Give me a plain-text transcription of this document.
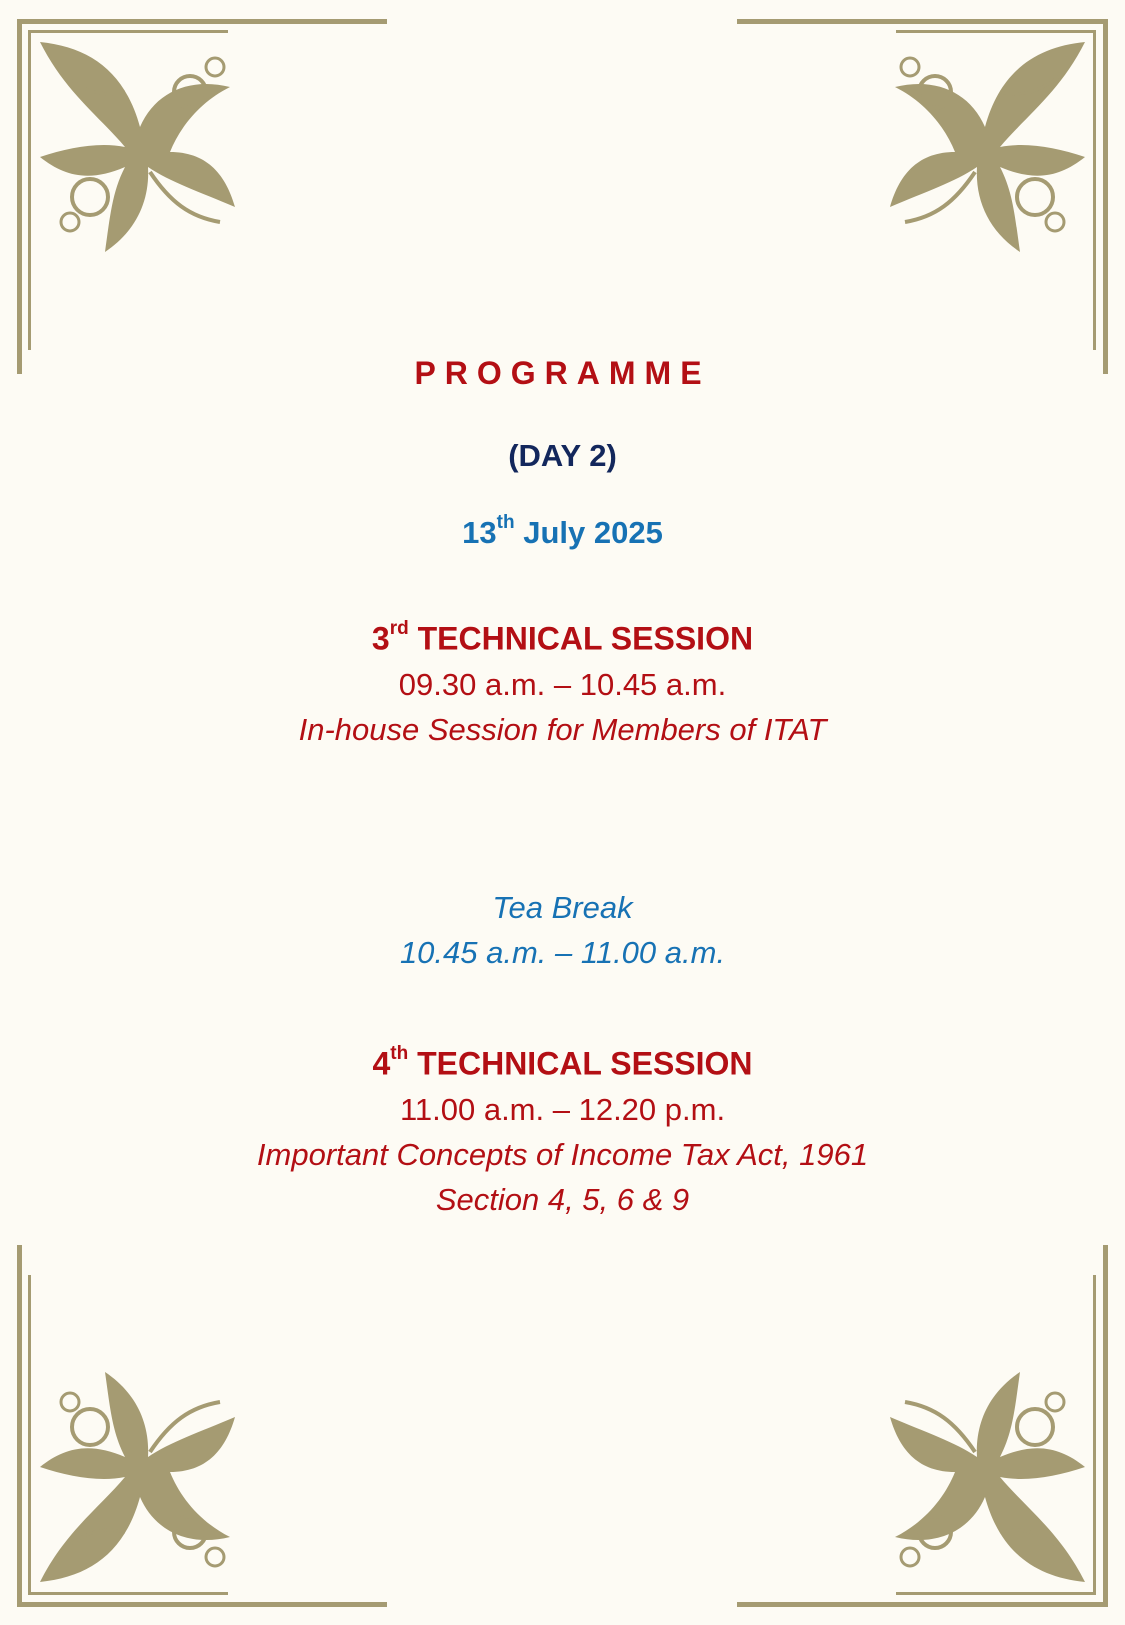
PROGRAMME
(DAY 2)
13th July 2025
3rd TECHNICAL SESSION
09.30 a.m. – 10.45 a.m.
In-house Session for Members of ITAT
Tea Break
10.45 a.m. – 11.00 a.m.
4th TECHNICAL SESSION
11.00 a.m. – 12.20 p.m.
Important Concepts of Income Tax Act, 1961
Section 4, 5, 6 & 9
